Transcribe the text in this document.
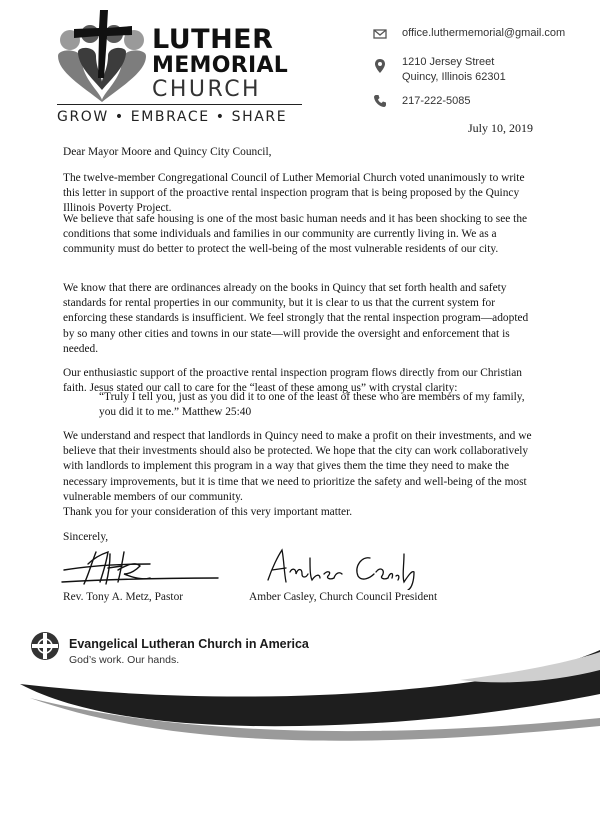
LUTHER
MEMORIAL
CHURCH
GROW • EMBRACE • SHARE
office.luthermemorial@gmail.com
1210 Jersey Street
Quincy, Illinois 62301
217-222-5085
July 10, 2019
Dear Mayor Moore and Quincy City Council,

The twelve-member Congregational Council of Luther Memorial Church voted unanimously to write this letter in support of the proactive rental inspection program that is being proposed by the Quincy Illinois Poverty Project.

We believe that safe housing is one of the most basic human needs and it has been shocking to see the conditions that some individuals and families in our community are currently living in. We as a community must do better to protect the well-being of the most vulnerable residents of our city.

We know that there are ordinances already on the books in Quincy that set forth health and safety standards for rental properties in our community, but it is clear to us that the current system for enforcing these standards is insufficient. We feel strongly that the rental inspection program—adopted by so many other cities and towns in our state—will provide the oversight and enforcement that is needed.

Our enthusiastic support of the proactive rental inspection program flows directly from our Christian faith. Jesus stated our call to care for the “least of these among us” with crystal clarity:

“Truly I tell you, just as you did it to one of the least of these who are members of my family, you did it to me.” Matthew 25:40

We understand and respect that landlords in Quincy need to make a profit on their investments, and we believe that their investments should also be protected. We hope that the city can work collaboratively with landlords to implement this program in a way that gives them the time they need to make the necessary improvements, but it is time that we need to prioritize the safety and well-being of the most vulnerable members of our community.

Thank you for your consideration of this very important matter.

Sincerely,
Rev. Tony A. Metz, Pastor	Amber Casley, Church Council President
Evangelical Lutheran Church in America
God’s work. Our hands.
